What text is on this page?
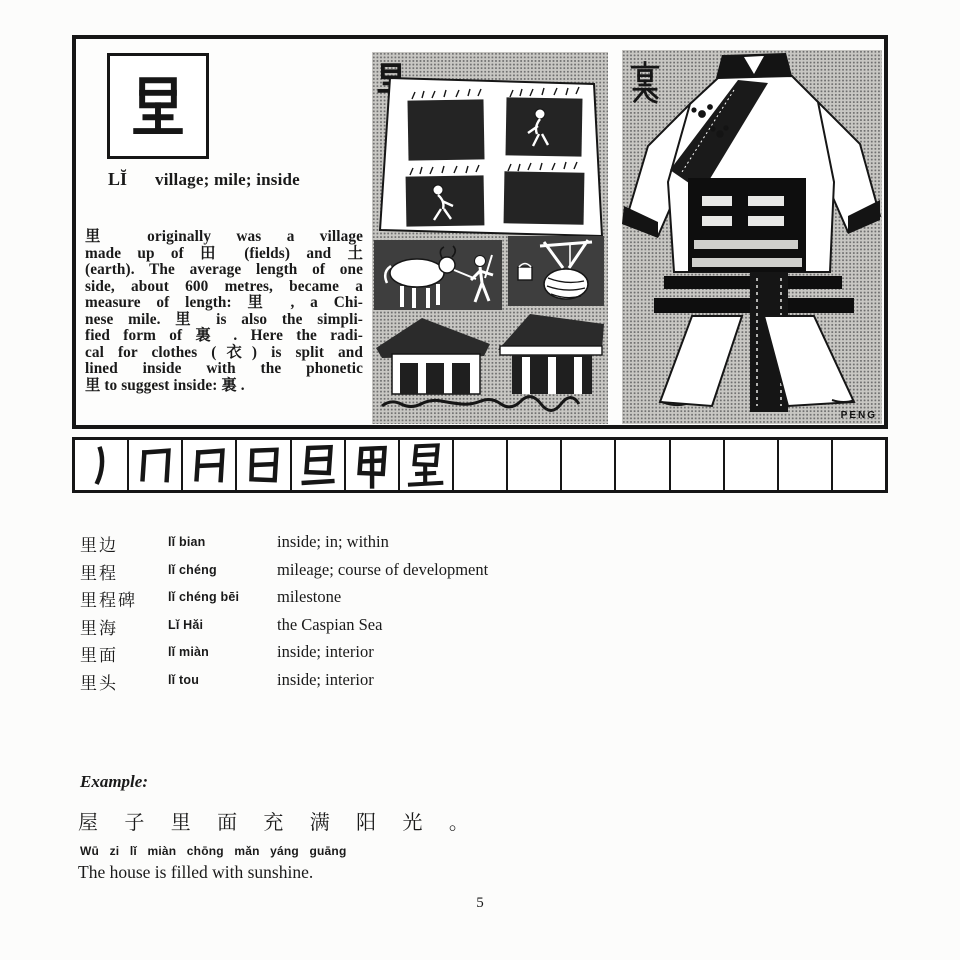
LĬ village; mile; inside
里 originally was a village
made up of 田 (fields) and 土
(earth). The average length of one
side, about 600 metres, became a
measure of length: 里 , a Chi-
nese mile. 里 is also the simpli-
fied form of 裏 . Here the radi-
cal for clothes (衣) is split and
lined inside with the phonetic
里 to suggest inside: 裏 .
PENG
里边	lǐ bian	inside; in; within
里程	lǐ chéng	mileage; course of development
里程碑 lǐ chéng bēi milestone
里海	Lǐ Hǎi	the Caspian Sea
里面	lǐ miàn	inside; interior
里头	lǐ tou	inside; interior
Example:
屋 子 里 面 充 满 阳 光 。
Wū zi lǐ miàn chōng mǎn yáng guāng
The house is filled with sunshine.
5
